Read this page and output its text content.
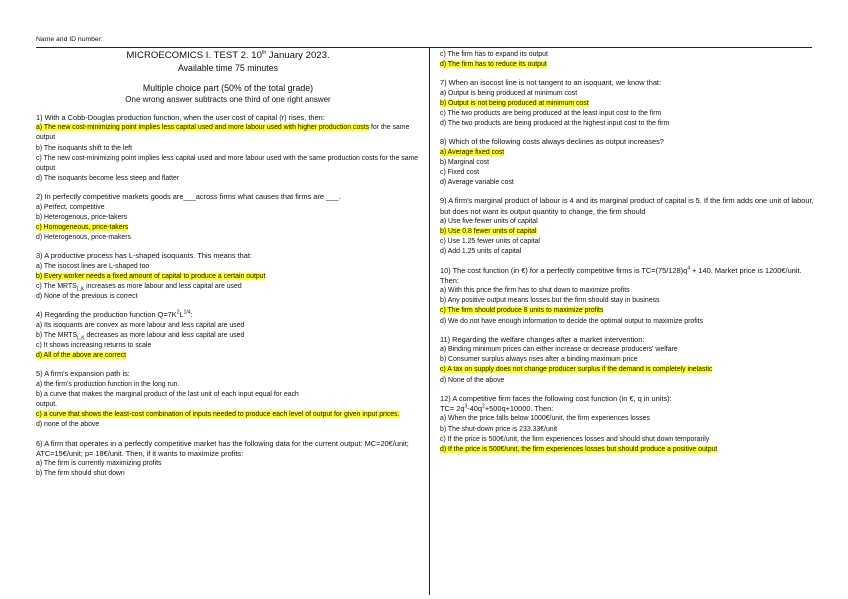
Name and ID number:
MICROECOMICS I. TEST 2. 10th January 2023.
Available time 75 minutes
Multiple choice part (50% of the total grade)
One wrong answer subtracts one third of one right answer
1) With a Cobb-Douglas production function, when the user cost of capital (r) rises, then:
a) The new cost-minimizing point implies less capital used and more labour used with higher production costs for the same output
b) The isoquants shift to the left
c) The new cost-minimizing point implies less capital used and more labour used with the same production costs for the same output
d) The isoquants become less steep and flatter
2) In perfectly competitive markets goods are___across firms what causes that firms are ___.
a) Perfect, competitive
b) Heterogenous, price-takers
c) Homogeneous, price-takers
d) Heterogenous, price-makers
3) A productive process has L-shaped isoquants. This means that:
a) The isocost lines are L-shaped too
b) Every worker needs a fixed amount of capital to produce a certain output
c) The $MRTS_{L,K}$ increases as more labour and less capital are used
d) None of the previous is correct
4) Regarding the production function $Q=7K^2L^{1/4}$:
a) Its isoquants are convex as more labour and less capital are used
b) The $MRTS_{L,K}$ decreases as more labour and less capital are used
c) It shows increasing returns to scale
d) All of the above are correct
5) A firm's expansion path is:
a) the firm's production function in the long run.
b) a curve that makes the marginal product of the last unit of each input equal for each
output.
c) a curve that shows the least-cost combination of inputs needed to produce each level of output for given input prices.
d) none of the above
6) A firm that operates in a perfectly competitive market has the following data for the current output: MC=20€/unit; ATC=15€/unit; p= 18€/unit. Then, if it wants to maximize profits:
a) The firm is currently maximizing profits
b) The firm should shut down
c) The firm has to expand its output
d) The firm has to reduce its output
7) When an isocost line is not tangent to an isoquant, we know that:
a) Output is being produced at minimum cost
b) Output is not being produced at minimum cost
c) The two products are being produced at the least input cost to the firm
d) The two products are being produced at the highest input cost to the firm
8) Which of the following costs always declines as output increases?
a) Average fixed cost
b) Marginal cost
c) Fixed cost
d) Average variable cost
9) A firm's marginal product of labour is 4 and its marginal product of capital is 5. If the firm adds one unit of labour, but does not want its output quantity to change, the firm should
a) Use five fewer units of capital
b) Use 0.8 fewer units of capital
c) Use 1.25 fewer units of capital
d) Add 1.25 units of capital
10) The cost function (in €) for a perfectly competitive firms is $TC=(75/128)q^4 + 140$. Market price is 1200€/unit. Then:
a) With this price the firm has to shut down to maximize profits
b) Any positive output means losses but the firm should stay in business
c) The firm should produce 8 units to maximize profits
d) We do not have enough information to decide the optimal output to maximize profits
11) Regarding the welfare changes after a market intervention:
a) Binding minimum prices can either increase or decrease producers' welfare
b) Consumer surplus always rises after a binding maximum price
c) A tax on supply does not change producer surplus if the demand is completely inelastic
d) None of the above
12) A competitive firm faces the following cost function (in €, q in units):
$TC= 2q^3-40q^2+500q+10000$. Then:
a) When the price falls below 1000€/unit, the firm experiences losses
b) The shut-down price is 233.33€/unit
c) If the price is 500€/unit, the firm experiences losses and should shut down temporarily
d) If the price is 500€/unit, the firm experiences losses but should produce a positive output
